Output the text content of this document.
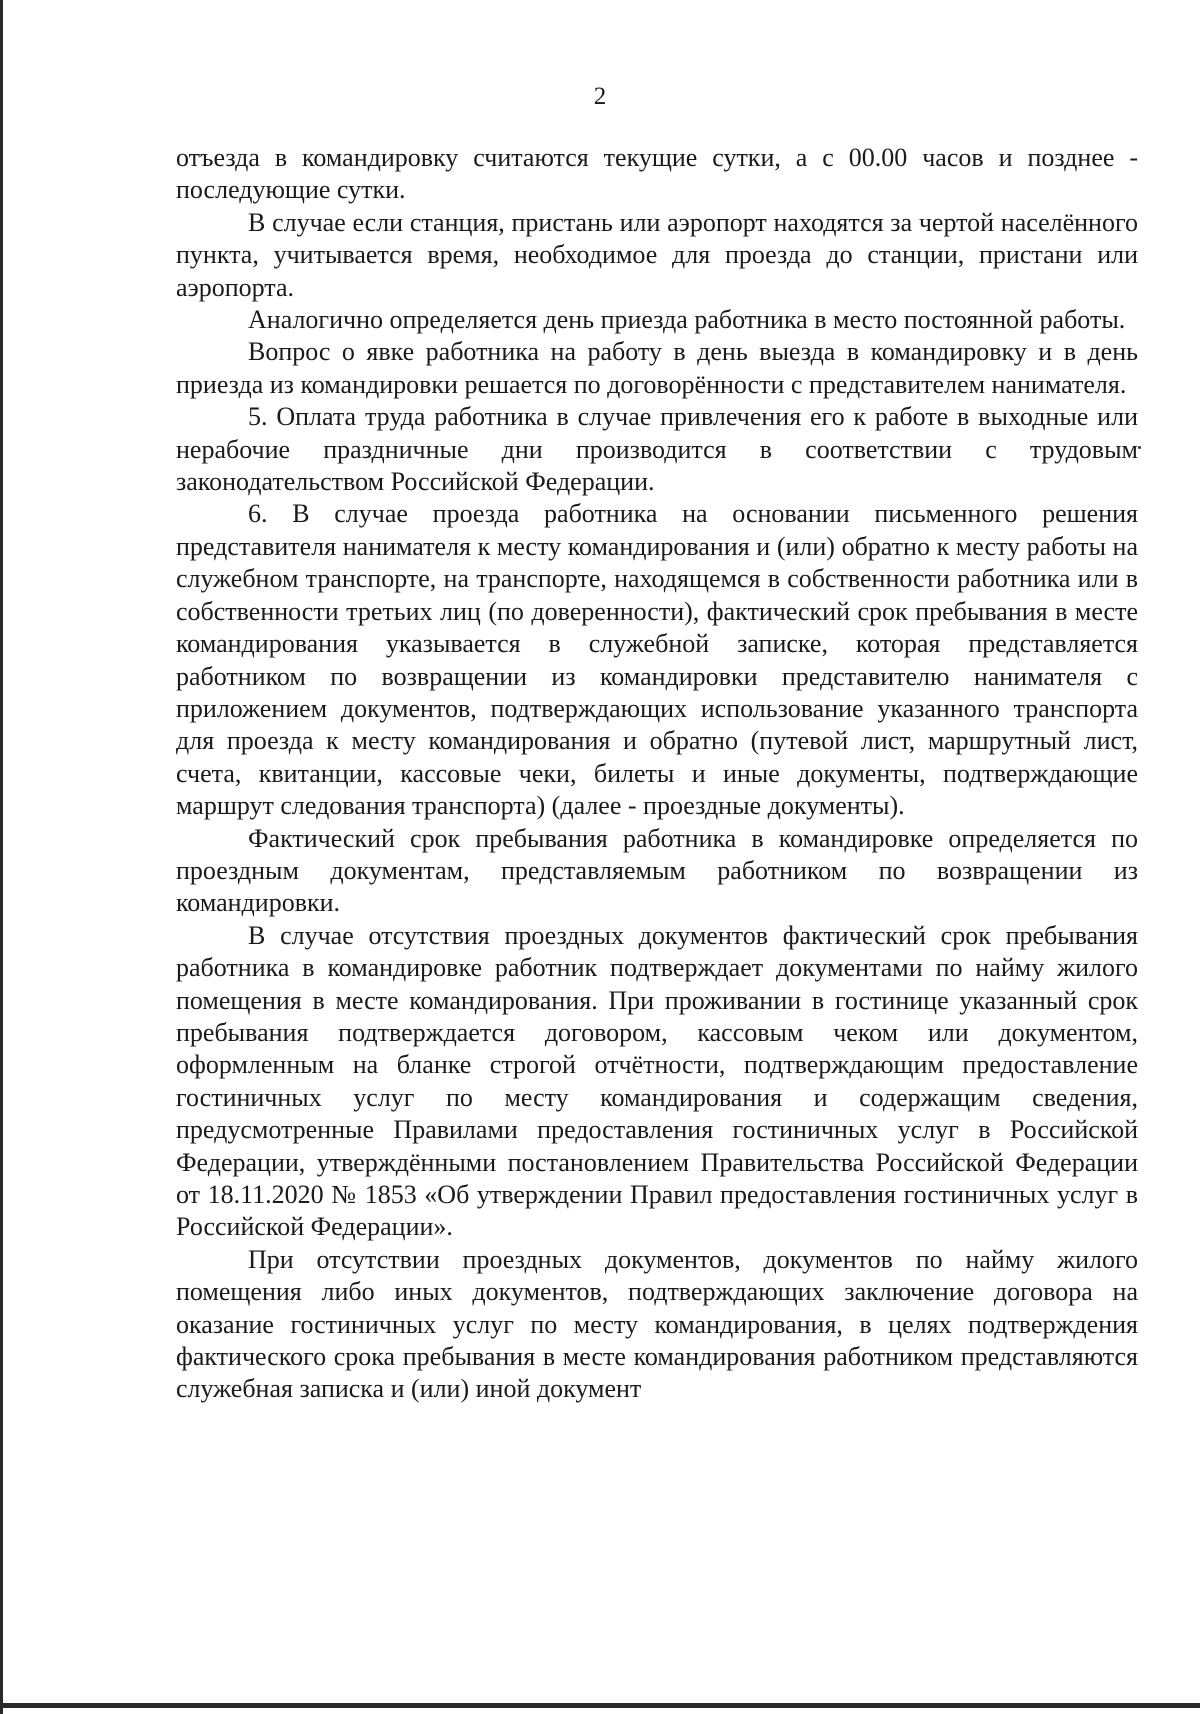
2

отъезда в командировку считаются текущие сутки, а с 00.00 часов и позднее - последующие сутки.

В случае если станция, пристань или аэропорт находятся за чертой населённого пункта, учитывается время, необходимое для проезда до станции, пристани или аэропорта.

Аналогично определяется день приезда работника в место постоянной работы.

Вопрос о явке работника на работу в день выезда в командировку и в день приезда из командировки решается по договорённости с представителем нанимателя.

5. Оплата труда работника в случае привлечения его к работе в выходные или нерабочие праздничные дни производится в соответствии с трудовым законодательством Российской Федерации.

6. В случае проезда работника на основании письменного решения представителя нанимателя к месту командирования и (или) обратно к месту работы на служебном транспорте, на транспорте, находящемся в собственности работника или в собственности третьих лиц (по доверенности), фактический срок пребывания в месте командирования указывается в служебной записке, которая представляется работником по возвращении из командировки представителю нанимателя с приложением документов, подтверждающих использование указанного транспорта для проезда к месту командирования и обратно (путевой лист, маршрутный лист, счета, квитанции, кассовые чеки, билеты и иные документы, подтверждающие маршрут следования транспорта) (далее - проездные документы).

Фактический срок пребывания работника в командировке определяется по проездным документам, представляемым работником по возвращении из командировки.

В случае отсутствия проездных документов фактический срок пребывания работника в командировке работник подтверждает документами по найму жилого помещения в месте командирования. При проживании в гостинице указанный срок пребывания подтверждается договором, кассовым чеком или документом, оформленным на бланке строгой отчётности, подтверждающим предоставление гостиничных услуг по месту командирования и содержащим сведения, предусмотренные Правилами предоставления гостиничных услуг в Российской Федерации, утверждёнными постановлением Правительства Российской Федерации от 18.11.2020 № 1853 «Об утверждении Правил предоставления гостиничных услуг в Российской Федерации».

При отсутствии проездных документов, документов по найму жилого помещения либо иных документов, подтверждающих заключение договора на оказание гостиничных услуг по месту командирования, в целях подтверждения фактического срока пребывания в месте командирования работником представляются служебная записка и (или) иной документ
